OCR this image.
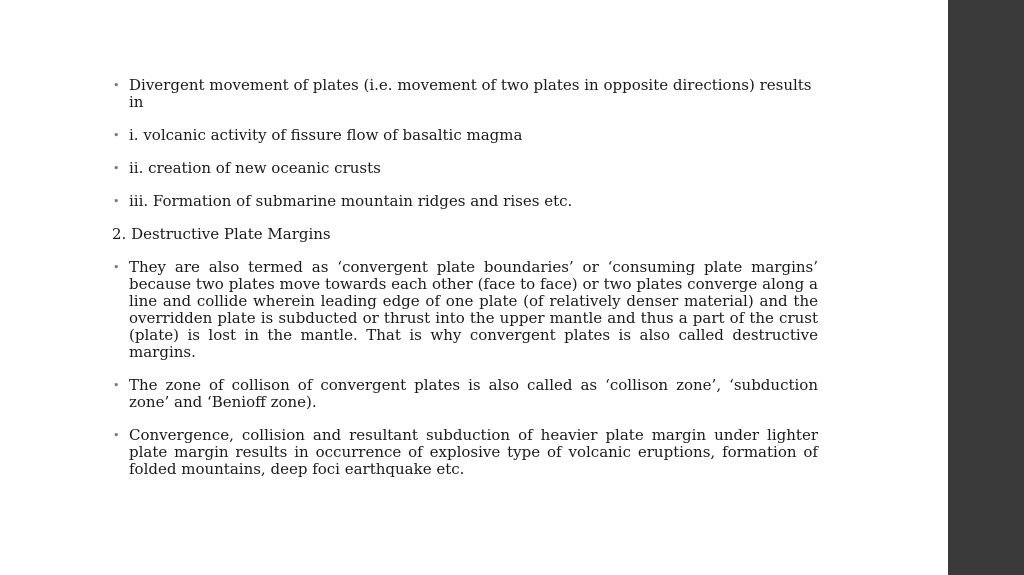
• Divergent movement of plates (i.e. movement of two plates in opposite directions) results in
• i. volcanic activity of ﬁssure ﬂow of basaltic magma
• ii. creation of new oceanic crusts
• iii. Formation of submarine mountain ridges and rises etc.
2. Destructive Plate Margins
• They are also termed as ‘convergent plate boundaries’ or ‘consuming plate margins’ because two plates move towards each other (face to face) or two plates converge along a line and collide wherein leading edge of one plate (of relatively denser material) and the overridden plate is subducted or thrust into the upper mantle and thus a part of the crust (plate) is lost in the mantle. That is why convergent plates is also called destructive margins.
• The zone of collison of convergent plates is also called as ‘collison zone’, ‘subduction zone’ and ‘Benioﬀ zone).
• Convergence, collision and resultant subduction of heavier plate margin under lighter plate margin results in occurrence of explosive type of volcanic eruptions, formation of folded mountains, deep foci earthquake etc.
